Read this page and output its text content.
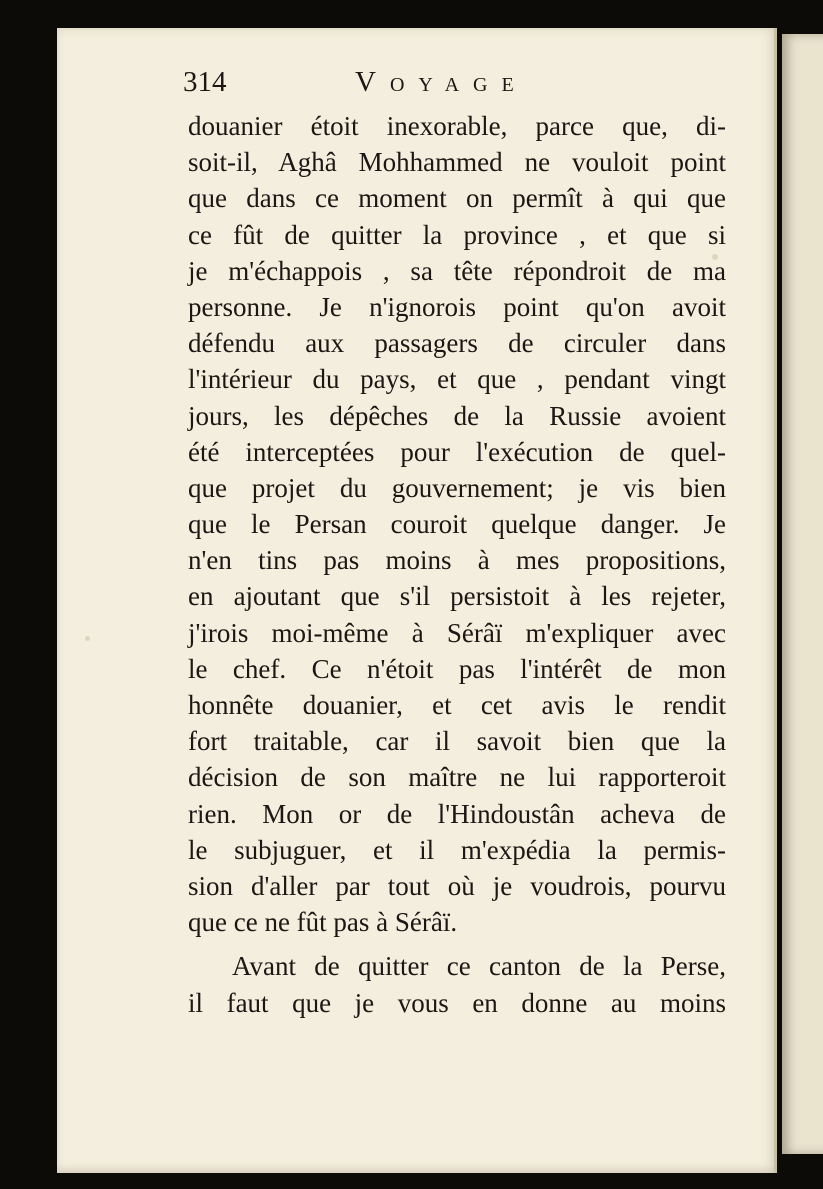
314	Voyage
douanier étoit inexorable, parce que, di-
soit-il, Aghâ Mohhammed ne vouloit point
que dans ce moment on permît à qui que
ce fût de quitter la province , et que si
je m'échappois , sa tête répondroit de ma
personne. Je n'ignorois point qu'on avoit
défendu aux passagers de circuler dans
l'intérieur du pays, et que , pendant vingt
jours, les dépêches de la Russie avoient
été interceptées pour l'exécution de quel-
que projet du gouvernement; je vis bien
que le Persan couroit quelque danger. Je
n'en tins pas moins à mes propositions,
en ajoutant que s'il persistoit à les rejeter,
j'irois moi-même à Sérâï m'expliquer avec
le chef. Ce n'étoit pas l'intérêt de mon
honnête douanier, et cet avis le rendit
fort traitable, car il savoit bien que la
décision de son maître ne lui rapporteroit
rien. Mon or de l'Hindoustân acheva de
le subjuguer, et il m'expédia la permis-
sion d'aller par tout où je voudrois, pourvu
que ce ne fût pas à Sérâï.
Avant de quitter ce canton de la Perse,
il faut que je vous en donne au moins
